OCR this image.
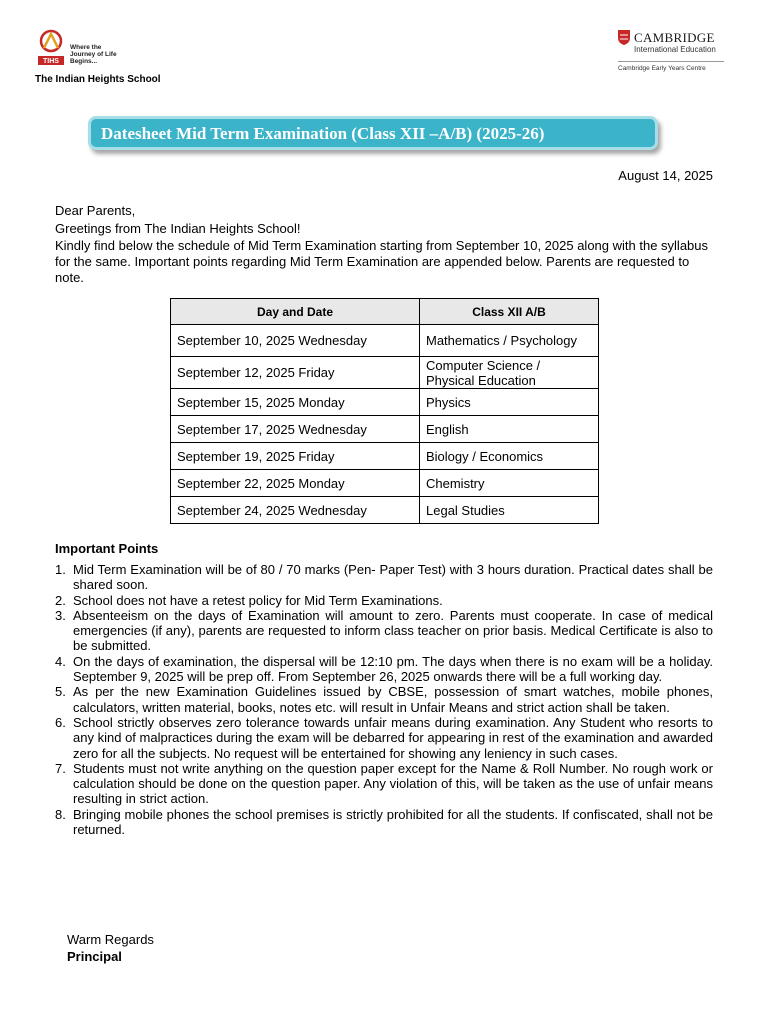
TIHS
Where the
Journey of Life
Begins...
The Indian Heights School
CAMBRIDGE
International Education
Cambridge Early Years Centre
Datesheet Mid Term Examination (Class XII –A/B) (2025-26)
August 14, 2025
Dear Parents,
Greetings from The Indian Heights School!
Kindly find below the schedule of Mid Term Examination starting from September 10, 2025 along with the syllabus for the same. Important points regarding Mid Term Examination are appended below. Parents are requested to note.
Day and Date	Class XII A/B
September 10, 2025 Wednesday	Mathematics / Psychology
September 12, 2025 Friday	Computer Science / Physical Education
September 15, 2025 Monday	Physics
September 17, 2025 Wednesday	English
September 19, 2025 Friday	Biology / Economics
September 22, 2025 Monday	Chemistry
September 24, 2025 Wednesday	Legal Studies
Important Points
1. Mid Term Examination will be of 80 / 70 marks (Pen- Paper Test) with 3 hours duration. Practical dates shall be shared soon.
2. School does not have a retest policy for Mid Term Examinations.
3. Absenteeism on the days of Examination will amount to zero. Parents must cooperate. In case of medical emergencies (if any), parents are requested to inform class teacher on prior basis. Medical Certificate is also to be submitted.
4. On the days of examination, the dispersal will be 12:10 pm. The days when there is no exam will be a holiday. September 9, 2025 will be prep off. From September 26, 2025 onwards there will be a full working day.
5. As per the new Examination Guidelines issued by CBSE, possession of smart watches, mobile phones, calculators, written material, books, notes etc. will result in Unfair Means and strict action shall be taken.
6. School strictly observes zero tolerance towards unfair means during examination. Any Student who resorts to any kind of malpractices during the exam will be debarred for appearing in rest of the examination and awarded zero for all the subjects. No request will be entertained for showing any leniency in such cases.
7. Students must not write anything on the question paper except for the Name & Roll Number. No rough work or calculation should be done on the question paper. Any violation of this, will be taken as the use of unfair means resulting in strict action.
8. Bringing mobile phones the school premises is strictly prohibited for all the students. If confiscated, shall not be returned.
Warm Regards
Principal
